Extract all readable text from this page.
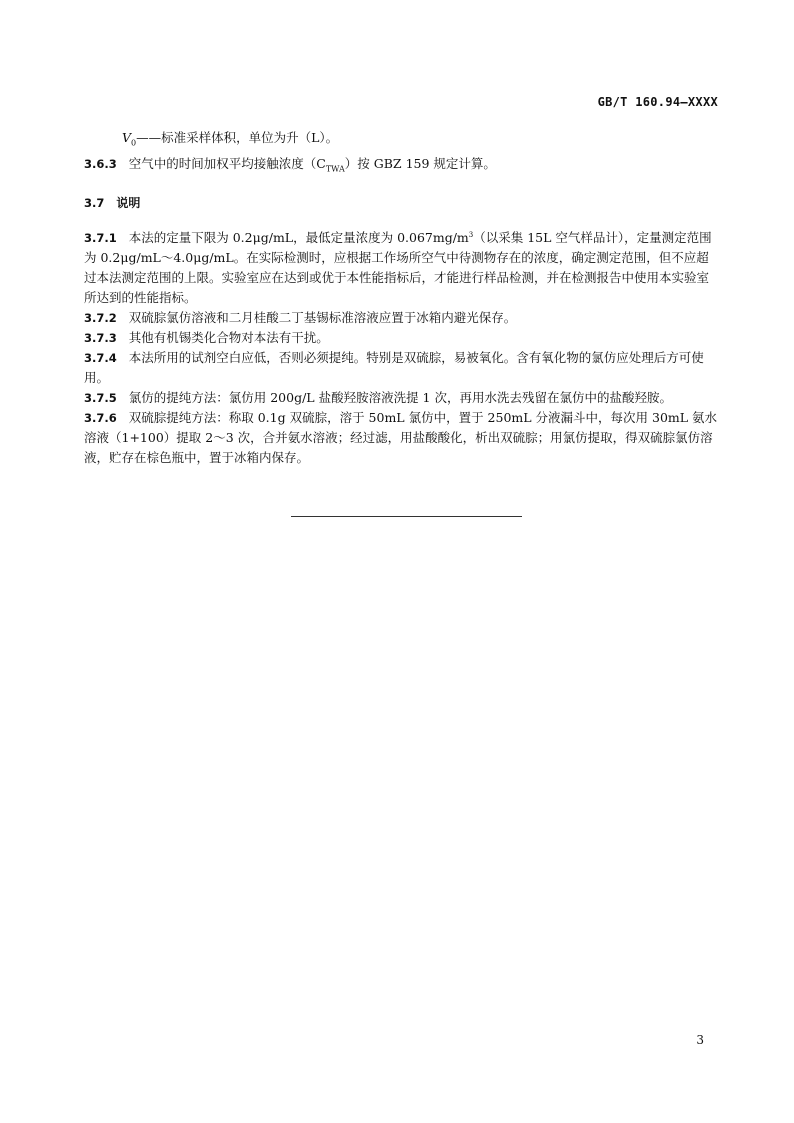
GB/T 160.94—XXXX

$V_0——$标准采样体积，单位为升（L）。

3.6.3 空气中的时间加权平均接触浓度$(C_{TWA})$按 GBZ 159 规定计算。

3.7 说明

3.7.1 本法的定量下限为 0.2μg/mL，最低定量浓度为 $0.067mg/m^3$（以采集 15L 空气样品计），定量测定范围为 0.2μg/mL～4.0μg/mL。在实际检测时，应根据工作场所空气中待测物存在的浓度，确定测定范围，但不应超过本法测定范围的上限。实验室应在达到或优于本性能指标后，才能进行样品检测，并在检测报告中使用本实验室所达到的性能指标。

3.7.2 双硫腙氯仿溶液和二月桂酸二丁基锡标准溶液应置于冰箱内避光保存。

3.7.3 其他有机锡类化合物对本法有干扰。

3.7.4 本法所用的试剂空白应低，否则必须提纯。特别是双硫腙，易被氧化。含有氧化物的氯仿应处理后方可使用。

3.7.5 氯仿的提纯方法：氯仿用 200g/L 盐酸羟胺溶液洗提 1 次，再用水洗去残留在氯仿中的盐酸羟胺。

3.7.6 双硫腙提纯方法：称取 0.1g 双硫腙，溶于 50mL 氯仿中，置于 250mL 分液漏斗中，每次用 30mL 氨水溶液（1+100）提取 2～3 次，合并氨水溶液；经过滤，用盐酸酸化，析出双硫腙；用氯仿提取，得双硫腙氯仿溶液，贮存在棕色瓶中，置于冰箱内保存。

3
